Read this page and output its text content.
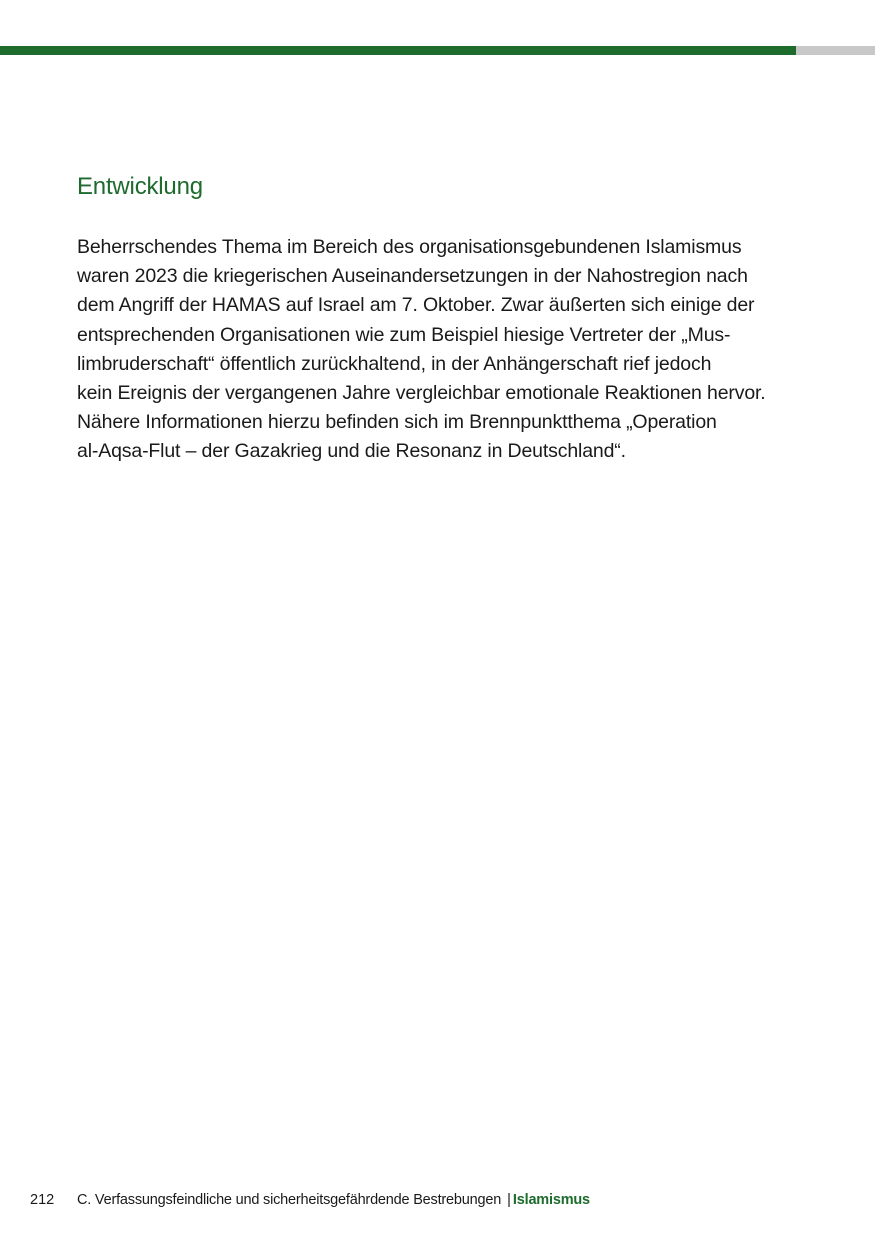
Entwicklung

Beherrschendes Thema im Bereich des organisationsgebundenen Islamismus
waren 2023 die kriegerischen Auseinandersetzungen in der Nahostregion nach
dem Angriff der HAMAS auf Israel am 7. Oktober. Zwar äußerten sich einige der
entsprechenden Organisationen wie zum Beispiel hiesige Vertreter der „Mus-
limbruderschaft“ öffentlich zurückhaltend, in der Anhängerschaft rief jedoch
kein Ereignis der vergangenen Jahre vergleichbar emotionale Reaktionen hervor.
Nähere Informationen hierzu befinden sich im Brennpunktthema „Operation
al-Aqsa-Flut – der Gazakrieg und die Resonanz in Deutschland“.

212 C. Verfassungsfeindliche und sicherheitsgefährdende Bestrebungen | Islamismus
